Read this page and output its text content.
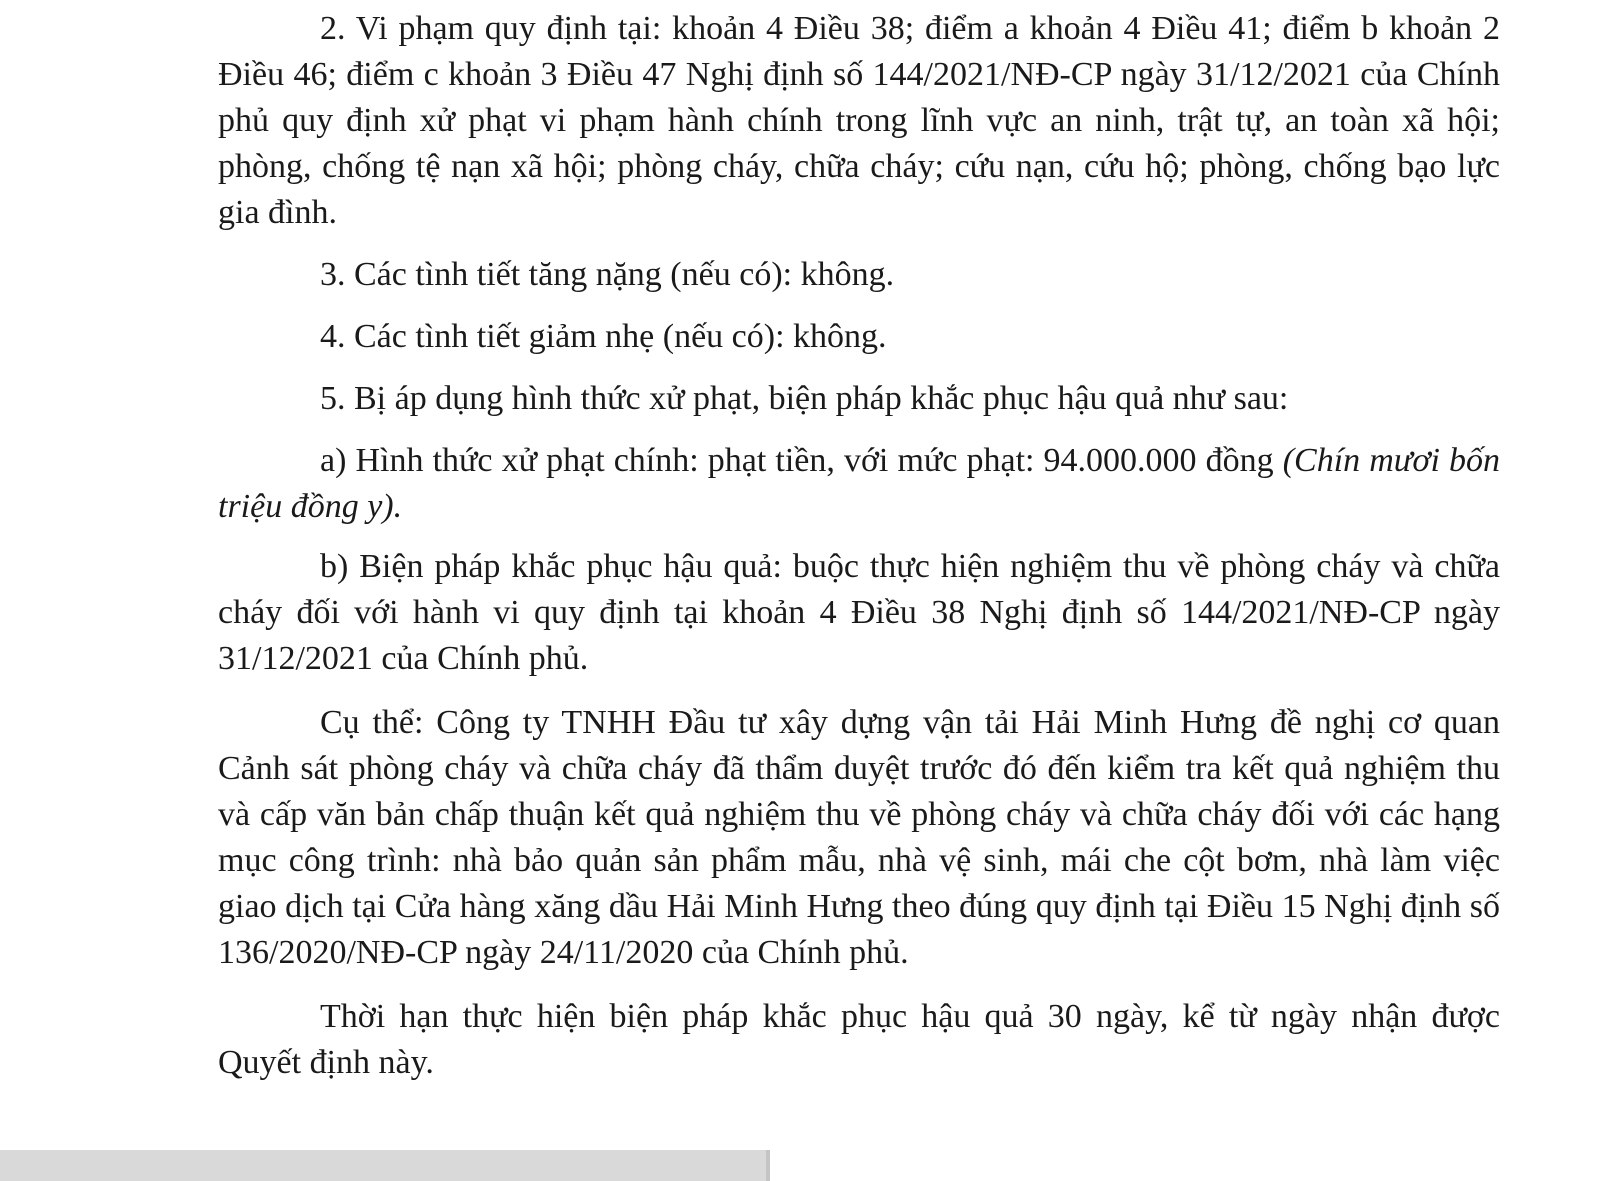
2. Vi phạm quy định tại: khoản 4 Điều 38; điểm a khoản 4 Điều 41; điểm b khoản 2 Điều 46; điểm c khoản 3 Điều 47 Nghị định số 144/2021/NĐ-CP ngày 31/12/2021 của Chính phủ quy định xử phạt vi phạm hành chính trong lĩnh vực an ninh, trật tự, an toàn xã hội; phòng, chống tệ nạn xã hội; phòng cháy, chữa cháy; cứu nạn, cứu hộ; phòng, chống bạo lực gia đình.

3. Các tình tiết tăng nặng (nếu có): không.

4. Các tình tiết giảm nhẹ (nếu có): không.

5. Bị áp dụng hình thức xử phạt, biện pháp khắc phục hậu quả như sau:

a) Hình thức xử phạt chính: phạt tiền, với mức phạt: 94.000.000 đồng (Chín mươi bốn triệu đồng y).

b) Biện pháp khắc phục hậu quả: buộc thực hiện nghiệm thu về phòng cháy và chữa cháy đối với hành vi quy định tại khoản 4 Điều 38 Nghị định số 144/2021/NĐ-CP ngày 31/12/2021 của Chính phủ.

Cụ thể: Công ty TNHH Đầu tư xây dựng vận tải Hải Minh Hưng đề nghị cơ quan Cảnh sát phòng cháy và chữa cháy đã thẩm duyệt trước đó đến kiểm tra kết quả nghiệm thu và cấp văn bản chấp thuận kết quả nghiệm thu về phòng cháy và chữa cháy đối với các hạng mục công trình: nhà bảo quản sản phẩm mẫu, nhà vệ sinh, mái che cột bơm, nhà làm việc giao dịch tại Cửa hàng xăng dầu Hải Minh Hưng theo đúng quy định tại Điều 15 Nghị định số 136/2020/NĐ-CP ngày 24/11/2020 của Chính phủ.

Thời hạn thực hiện biện pháp khắc phục hậu quả 30 ngày, kể từ ngày nhận được Quyết định này.
